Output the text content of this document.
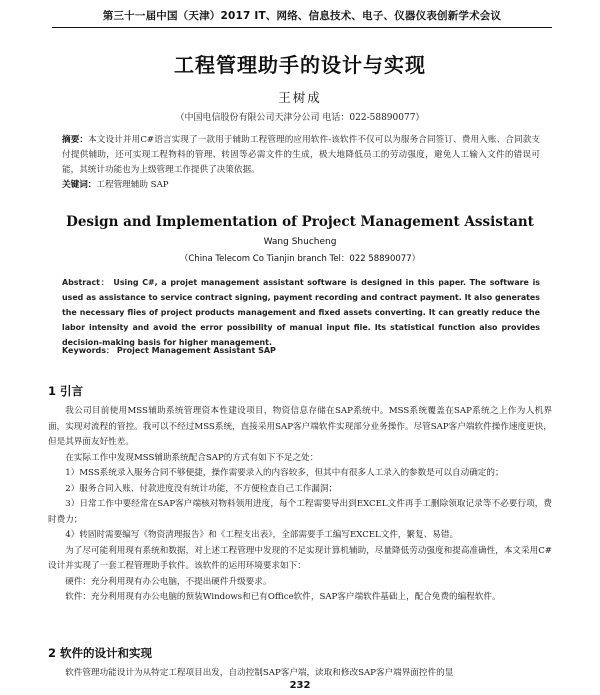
第三十一届中国（天津）2017 IT、网络、信息技术、电子、仪器仪表创新学术会议
工程管理助手的设计与实现
王树成
（中国电信股份有限公司天津分公司 电话：022-58890077）
摘要：本文设计并用C#语言实现了一款用于辅助工程管理的应用软件-该软件不仅可以为服务合同签订、费用入账、合同款支付提供辅助，还可实现工程物料的管理、转固等必需文件的生成，极大地降低员工的劳动强度，避免人工输入文件的错误可能，其统计功能也为上级管理工作提供了决策依据。
关键词：工程管理辅助 SAP
Design and Implementation of Project Management Assistant
Wang Shucheng
（China Telecom Co Tianjin branch Tel：022 58890077）
Abstract： Using C#, a projet management assistant software is designed in this paper. The software is used as assistance to service contract signing, payment recording and contract payment. It also generates the necessary flies of project products management and fixed assets converting. It can greatly reduce the labor intensity and avoid the error possibility of manual input file. Its statistical function also provides decision-making basis for higher management.
Keywords： Project Management Assistant SAP
1 引言

我公司目前使用MSS辅助系统管理资本性建设项目，物资信息存储在SAP系统中。MSS系统覆盖在SAP系统之上作为人机界面，实现对流程的管控。我可以不经过MSS系统，直接采用SAP客户端软件实现部分业务操作。尽管SAP客户端软件操作速度更快，但是其界面友好性差。

在实际工作中发现MSS辅助系统配合SAP的方式有如下不足之处：

1）MSS系统录入服务合同不够便捷，操作需要录入的内容较多，但其中有很多人工录入的参数是可以自动确定的；

2）服务合同入账、付款进度没有统计功能，不方便检查自己工作漏洞；

3）日常工作中要经常在SAP客户端核对物料领用进度，每个工程需要导出到EXCEL文件再手工删除领取记录等不必要行项，费时费力；

4）转固时需要编写《物资清理报告》和《工程支出表》，全部需要手工编写EXCEL文件，繁复、易错。

为了尽可能利用现有系统和数据，对上述工程管理中发现的不足实现计算机辅助，尽量降低劳动强度和提高准确性，本文采用C#设计并实现了一套工程管理助手软件。该软件的运用环境要求如下：

硬件：充分利用现有办公电脑，不提出硬件升级要求。

软件：充分利用现有办公电脑的预装Windows和已有Office软件，SAP客户端软件基础上，配合免费的编程软件。

2 软件的设计和实现

软件管理功能设计为从特定工程项目出发，自动控制SAP客户端，读取和修改SAP客户端界面控件的显

232
